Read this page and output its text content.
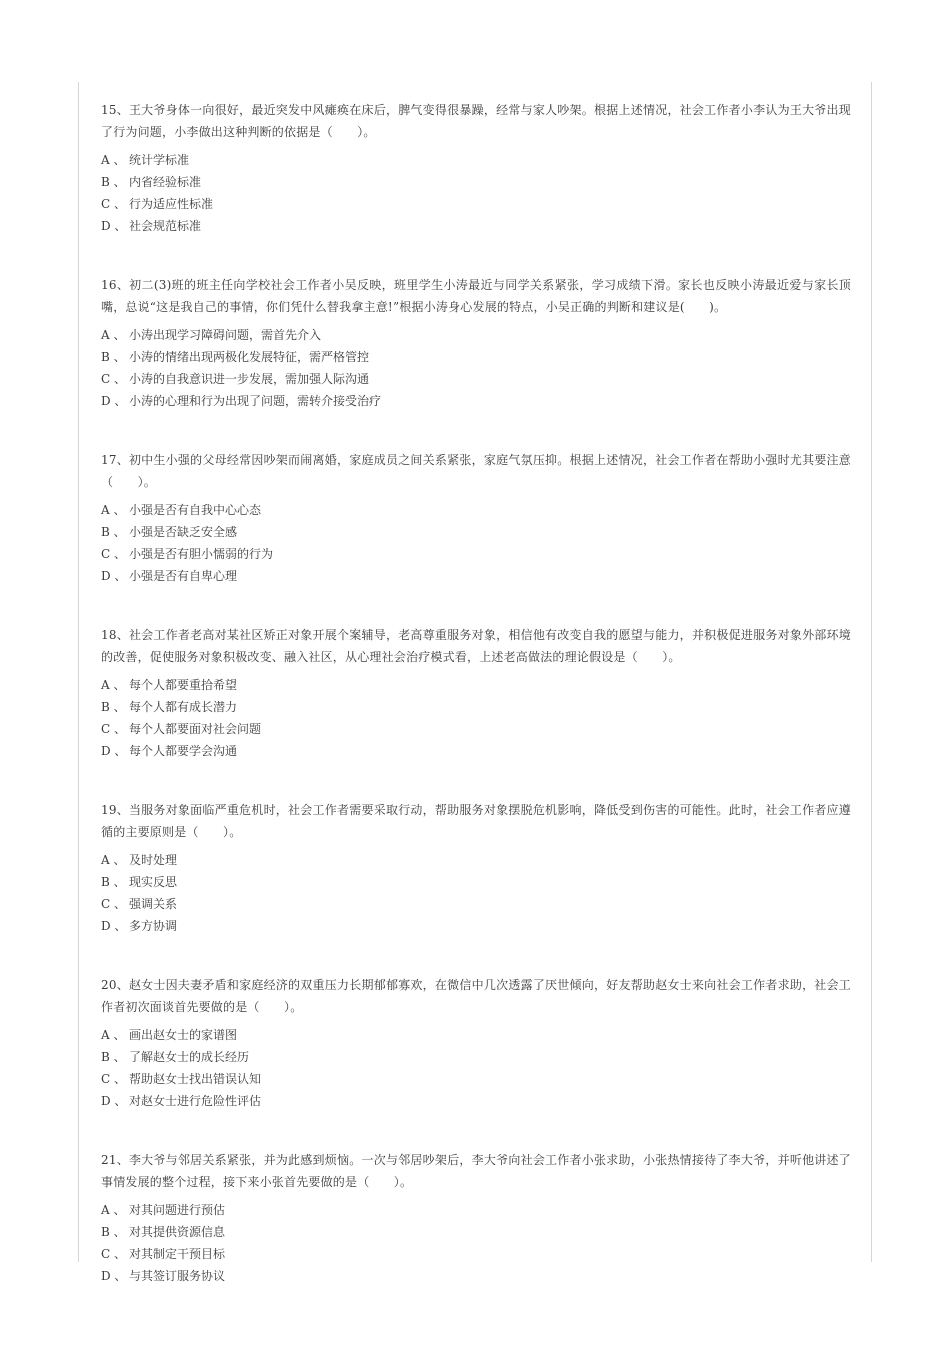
15、王大爷身体一向很好，最近突发中风瘫痪在床后，脾气变得很暴躁，经常与家人吵架。根据上述情况，社会工作者小李认为王大爷出现了行为问题，小李做出这种判断的依据是（　　）。

A 、 统计学标准

B 、 内省经验标准

C 、 行为适应性标准

D 、 社会规范标准

16、初二(3)班的班主任向学校社会工作者小吴反映，班里学生小涛最近与同学关系紧张，学习成绩下滑。家长也反映小涛最近爱与家长顶嘴，总说“这是我自己的事情，你们凭什么替我拿主意!”根据小涛身心发展的特点，小吴正确的判断和建议是(　　)。

A 、 小涛出现学习障碍问题，需首先介入

B 、 小涛的情绪出现两极化发展特征，需严格管控

C 、 小涛的自我意识进一步发展，需加强人际沟通

D 、 小涛的心理和行为出现了问题，需转介接受治疗

17、初中生小强的父母经常因吵架而闹离婚，家庭成员之间关系紧张，家庭气氛压抑。根据上述情况，社会工作者在帮助小强时尤其要注意（　　）。

A 、 小强是否有自我中心心态

B 、 小强是否缺乏安全感

C 、 小强是否有胆小懦弱的行为

D 、 小强是否有自卑心理

18、社会工作者老高对某社区矫正对象开展个案辅导，老高尊重服务对象，相信他有改变自我的愿望与能力，并积极促进服务对象外部环境的改善，促使服务对象积极改变、融入社区，从心理社会治疗模式看，上述老高做法的理论假设是（　　）。

A 、 每个人都要重拾希望

B 、 每个人都有成长潜力

C 、 每个人都要面对社会问题

D 、 每个人都要学会沟通

19、当服务对象面临严重危机时，社会工作者需要采取行动，帮助服务对象摆脱危机影响，降低受到伤害的可能性。此时，社会工作者应遵循的主要原则是（　　）。

A 、 及时处理

B 、 现实反思

C 、 强调关系

D 、 多方协调

20、赵女士因夫妻矛盾和家庭经济的双重压力长期郁郁寡欢，在微信中几次透露了厌世倾向，好友帮助赵女士来向社会工作者求助，社会工作者初次面谈首先要做的是（　　）。

A 、 画出赵女士的家谱图

B 、 了解赵女士的成长经历

C 、 帮助赵女士找出错误认知

D 、 对赵女士进行危险性评估

21、李大爷与邻居关系紧张，并为此感到烦恼。一次与邻居吵架后，李大爷向社会工作者小张求助，小张热情接待了李大爷，并听他讲述了事情发展的整个过程，接下来小张首先要做的是（　　）。

A 、 对其问题进行预估

B 、 对其提供资源信息

C 、 对其制定干预目标

D 、 与其签订服务协议
